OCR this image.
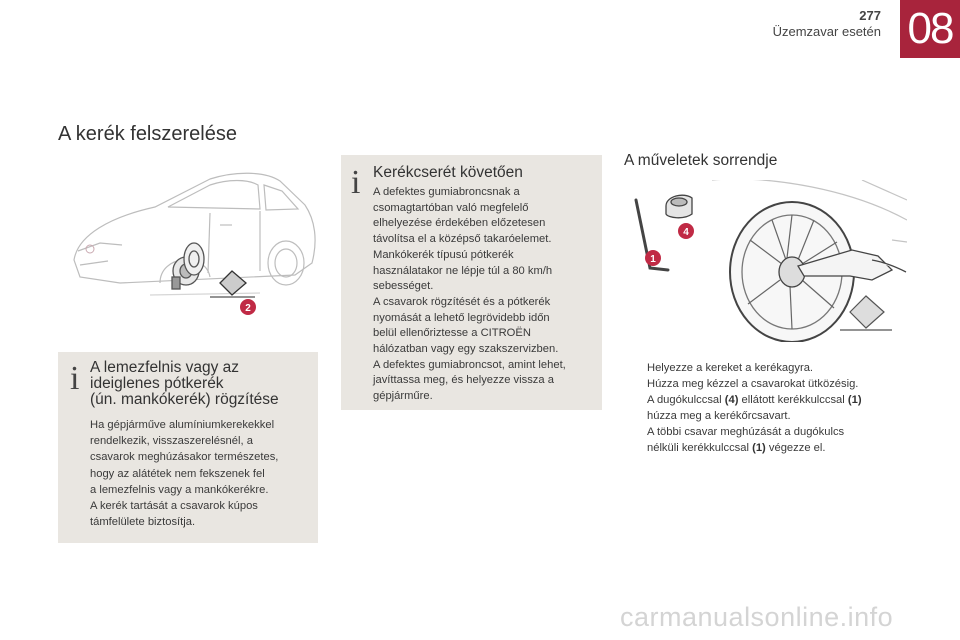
277
Üzemzavar esetén 08
A kerék felszerelése
2
i A lemezfelnis vagy az
ideiglenes pótkerék
(ún. mankókerék) rögzítése
Ha gépjárműve alumíniumkerekekkel
rendelkezik, visszaszerelésnél, a
csavarok meghúzásakor természetes,
hogy az alátétek nem fekszenek fel
a lemezfelnis vagy a mankókerékre.
A kerék tartását a csavarok kúpos
támfelülete biztosítja.
i Kerékcserét követően
A defektes gumiabroncsnak a
csomagtartóban való megfelelő
elhelyezése érdekében előzetesen
távolítsa el a középső takaróelemet.
Mankókerék típusú pótkerék
használatakor ne lépje túl a 80 km/h
sebességet.
A csavarok rögzítését és a pótkerék
nyomását a lehető legrövidebb időn
belül ellenőriztesse a CITROËN
hálózatban vagy egy szakszervizben.
A defektes gumiabroncsot, amint lehet,
javíttassa meg, és helyezze vissza a
gépjárműre.
A műveletek sorrendje
4
1
Helyezze a kereket a kerékagyra.
Húzza meg kézzel a csavarokat ütközésig.
A dugókulccsal (4) ellátott kerékkulccsal (1)
húzza meg a kerékőrcsavart.
A többi csavar meghúzását a dugókulcs
nélküli kerékkulccsal (1) végezze el.
carmanualsonline.info
